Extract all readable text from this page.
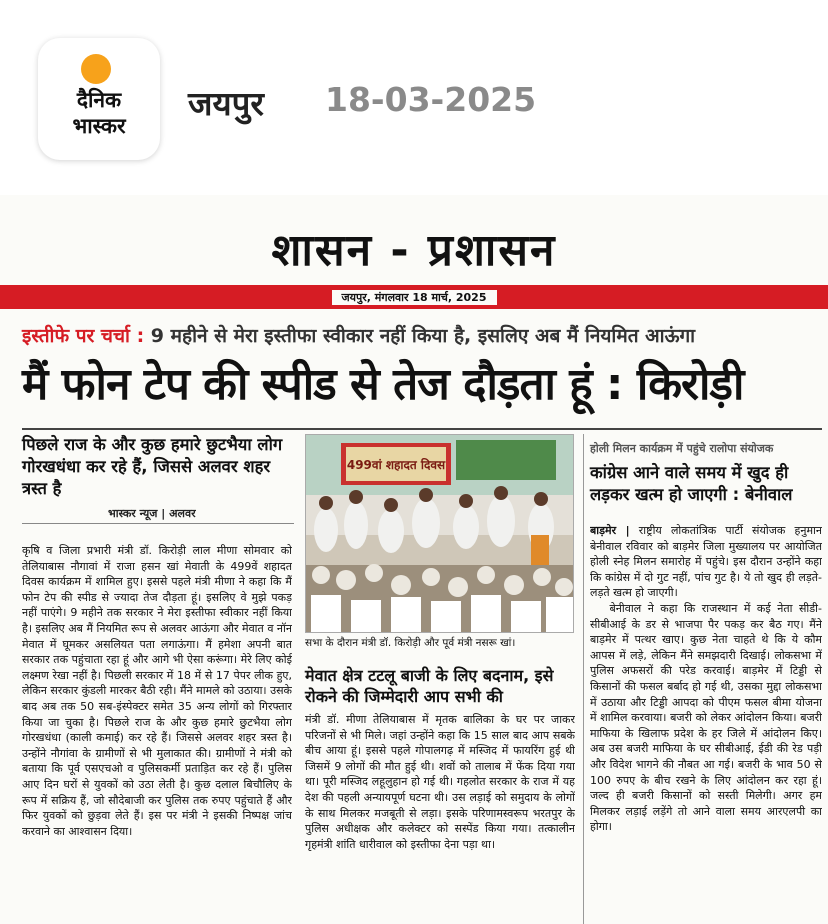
दैनिक
भास्कर
जयपुर 18-03-2025
शासन - प्रशासन
जयपुर, मंगलवार 18 मार्च, 2025
इस्तीफे पर चर्चा : 9 महीने से मेरा इस्तीफा स्वीकार नहीं किया है, इसलिए अब मैं नियमित आऊंगा
मैं फोन टेप की स्पीड से तेज दौड़ता हूं : किरोड़ी
पिछले राज के और कुछ हमारे छुटभैया लोग गोरखधंधा कर रहे हैं, जिससे अलवर शहर त्रस्त है
भास्कर न्यूज | अलवर
कृषि व जिला प्रभारी मंत्री डॉ. किरोड़ी लाल मीणा सोमवार को तेलियाबास नौगावां में राजा हसन खां मेवाती के 499वें शहादत दिवस कार्यक्रम में शामिल हुए। इससे पहले मंत्री मीणा ने कहा कि मैं फोन टेप की स्पीड से ज्यादा तेज दौड़ता हूं। इसलिए वे मुझे पकड़ नहीं पाएंगे। 9 महीने तक सरकार ने मेरा इस्तीफा स्वीकार नहीं किया है। इसलिए अब मैं नियमित रूप से अलवर आऊंगा और मेवात व नॉन मेवात में घूमकर असलियत पता लगाऊंगा। मैं हमेशा अपनी बात सरकार तक पहुंचाता रहा हूं और आगे भी ऐसा करूंगा। मेरे लिए कोई लक्ष्मण रेखा नहीं है। पिछली सरकार में 18 में से 17 पेपर लीक हुए, लेकिन सरकार कुंडली मारकर बैठी रही। मैंने मामले को उठाया। उसके बाद अब तक 50 सब-इंस्पेक्टर समेत 35 अन्य लोगों को गिरफ्तार किया जा चुका है। पिछले राज के और कुछ हमारे छुटभैया लोग गोरखधंधा (काली कमाई) कर रहे हैं। जिससे अलवर शहर त्रस्त है। उन्होंने नौगांवा के ग्रामीणों से भी मुलाकात की। ग्रामीणों ने मंत्री को बताया कि पूर्व एसएचओ व पुलिसकर्मी प्रताड़ित कर रहे हैं। पुलिस आए दिन घरों से युवकों को उठा लेती है। कुछ दलाल बिचौलिए के रूप में सक्रिय हैं, जो सौदेबाजी कर पुलिस तक रुपए पहुंचाते हैं और फिर युवकों को छुड़वा लेते हैं। इस पर मंत्री ने इसकी निष्पक्ष जांच करवाने का आश्वासन दिया।
499वां शहादत दिवस
सभा के दौरान मंत्री डॉ. किरोड़ी और पूर्व मंत्री नसरू खां।
मेवात क्षेत्र टटलू बाजी के लिए बदनाम, इसे रोकने की जिम्मेदारी आप सभी की
मंत्री डॉ. मीणा तेलियाबास में मृतक बालिका के घर पर जाकर परिजनों से भी मिले। जहां उन्होंने कहा कि 15 साल बाद आप सबके बीच आया हूं। इससे पहले गोपालगढ़ में मस्जिद में फायरिंग हुई थी जिसमें 9 लोगों की मौत हुई थी। शवों को तालाब में फेंक दिया गया था। पूरी मस्जिद लहूलुहान हो गई थी। गहलोत सरकार के राज में यह देश की पहली अन्यायपूर्ण घटना थी। उस लड़ाई को समुदाय के लोगों के साथ मिलकर मजबूती से लड़ा। इसके परिणामस्वरूप भरतपुर के पुलिस अधीक्षक और कलेक्टर को सस्पेंड किया गया। तत्कालीन गृहमंत्री शांति धारीवाल को इस्तीफा देना पड़ा था।
होली मिलन कार्यक्रम में पहुंचे रालोपा संयोजक
कांग्रेस आने वाले समय में खुद ही लड़कर खत्म हो जाएगी : बेनीवाल
बाड़मेर | राष्ट्रीय लोकतांत्रिक पार्टी संयोजक हनुमान बेनीवाल रविवार को बाड़मेर जिला मुख्यालय पर आयोजित होली स्नेह मिलन समारोह में पहुंचे। इस दौरान उन्होंने कहा कि कांग्रेस में दो गुट नहीं, पांच गुट है। ये तो खुद ही लड़ते-लड़ते खत्म हो जाएगी।
बेनीवाल ने कहा कि राजस्थान में कई नेता सीडी-सीबीआई के डर से भाजपा पैर पकड़ कर बैठ गए। मैंने बाड़मेर में पत्थर खाए। कुछ नेता चाहते थे कि ये कौम आपस में लड़े, लेकिन मैंने समझदारी दिखाई। लोकसभा में पुलिस अफसरों की परेड करवाई। बाड़मेर में टिड्डी से किसानों की फसल बर्बाद हो गई थी, उसका मुद्दा लोकसभा में उठाया और टिड्डी आपदा को पीएम फसल बीमा योजना में शामिल करवाया। बजरी को लेकर आंदोलन किया। बजरी माफिया के खिलाफ प्रदेश के हर जिले में आंदोलन किए। अब उस बजरी माफिया के घर सीबीआई, ईडी की रेड पड़ी और विदेश भागने की नौबत आ गई। बजरी के भाव 50 से 100 रुपए के बीच रखने के लिए आंदोलन कर रहा हूं। जल्द ही बजरी किसानों को सस्ती मिलेगी। अगर हम मिलकर लड़ाई लड़ेंगे तो आने वाला समय आरएलपी का होगा।
